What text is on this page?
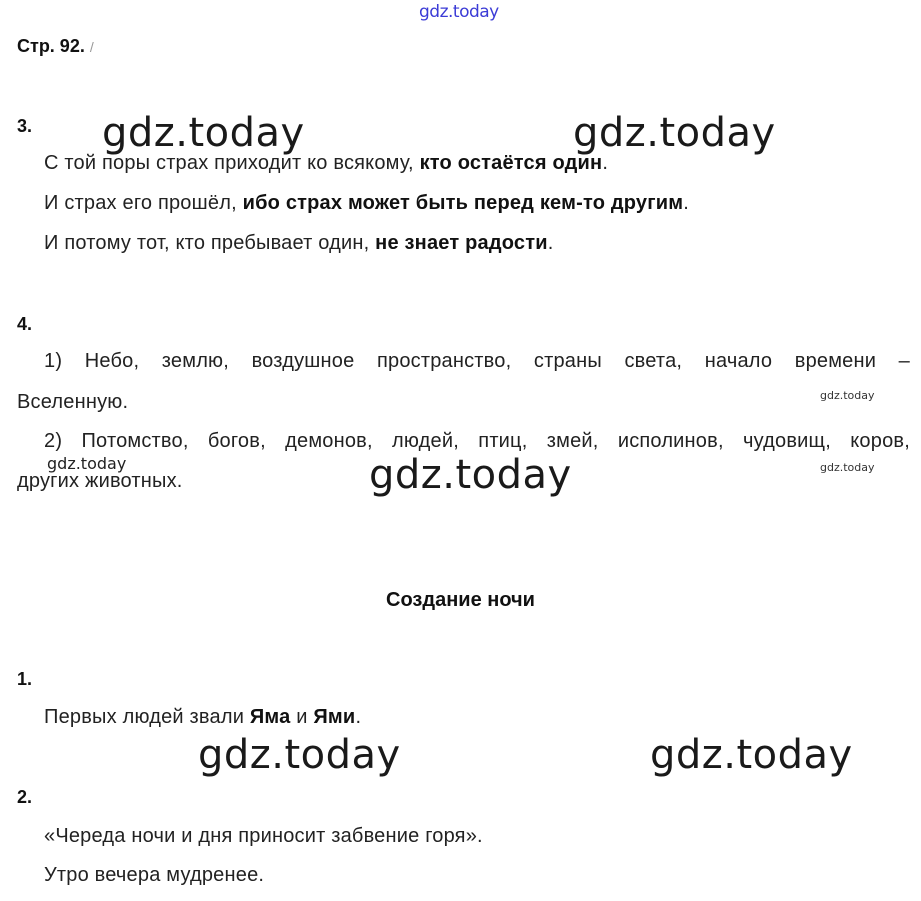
gdz.today
gdz.today	gdz.today
gdz.today
gdz.today
gdz.today	gdz.today
gdz.today	gdz.today
Стр. 92. /
3.
С той поры страх приходит ко всякому, кто остаётся один.
И страх его прошёл, ибо страх может быть перед кем-то другим.
И потому тот, кто пребывает один, не знает радости.
4.
1) Небо, землю, воздушное пространство, страны света, начало времени –
Вселенную.
2) Потомство, богов, демонов, людей, птиц, змей, исполинов, чудовищ, коров,
других животных.
Создание ночи
1.
Первых людей звали Яма и Ями.
2.
«Череда ночи и дня приносит забвение горя».
Утро вечера мудренее.
